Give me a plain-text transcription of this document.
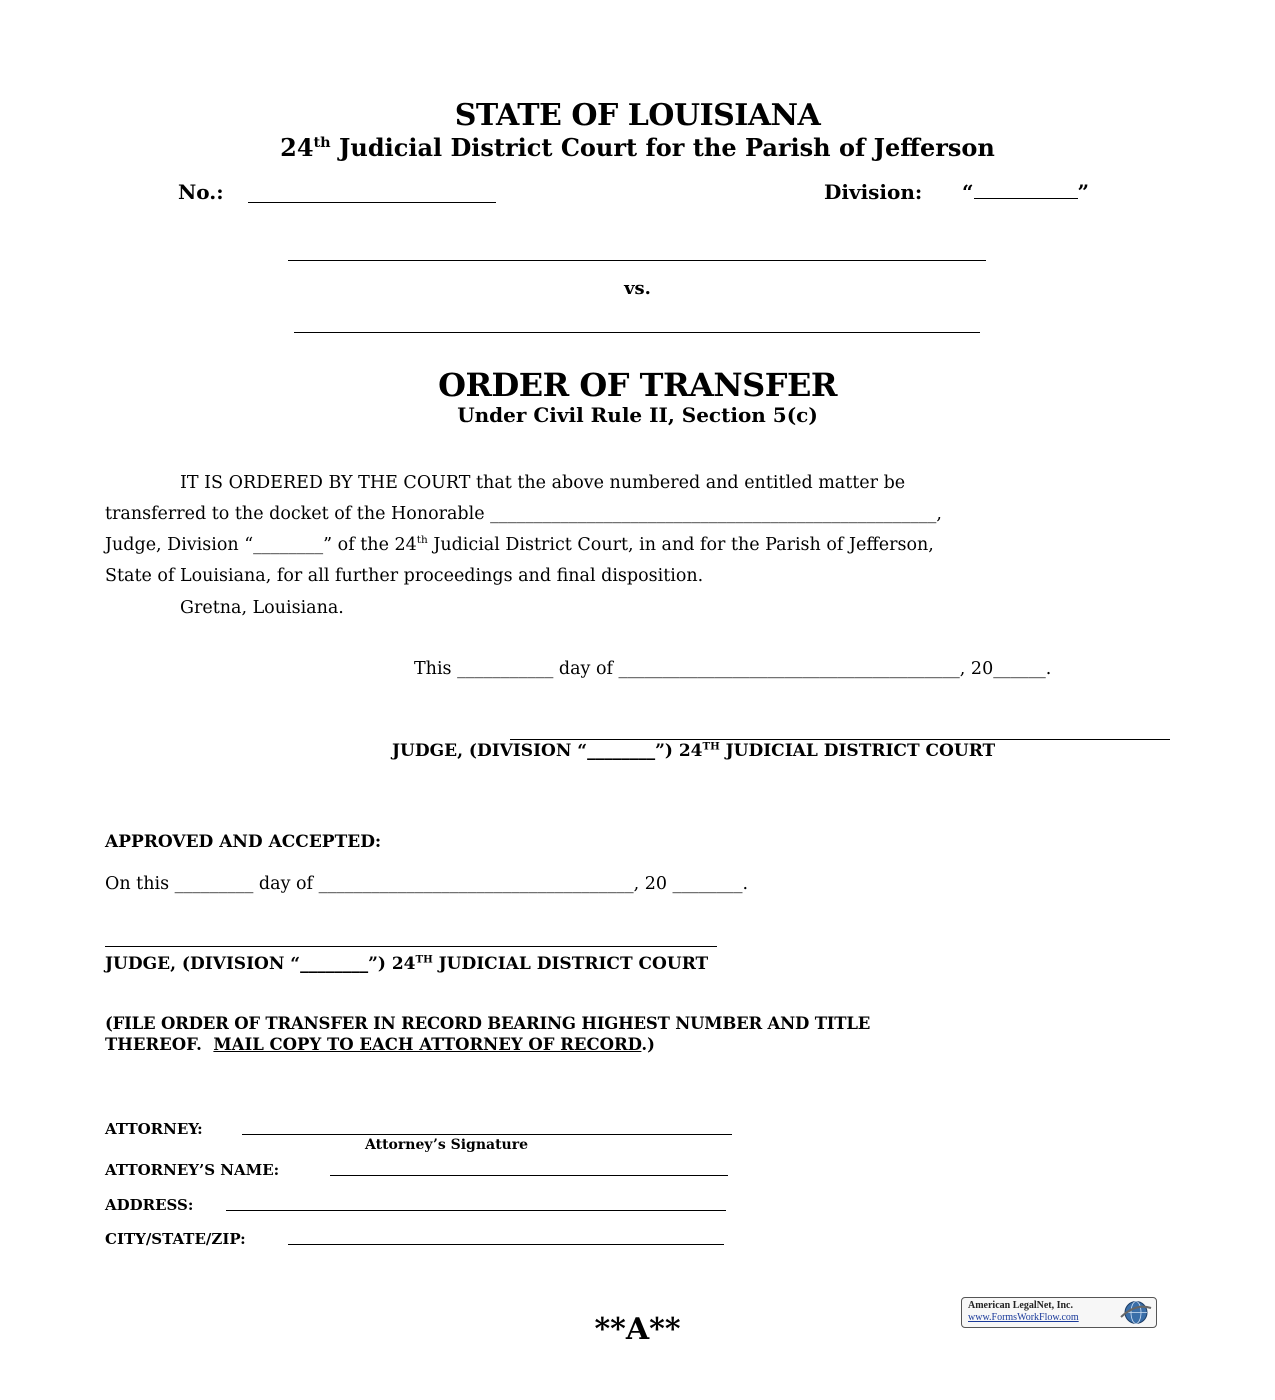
STATE OF LOUISIANA
24th Judicial District Court for the Parish of Jefferson
No.:	Division: “	”
vs.
ORDER OF TRANSFER
Under Civil Rule II, Section 5(c)
IT IS ORDERED BY THE COURT that the above numbered and entitled matter be
transferred to the docket of the Honorable ___________________________________________________,
Judge, Division “________” of the 24th Judicial District Court, in and for the Parish of Jefferson,
State of Louisiana, for all further proceedings and final disposition.
Gretna, Louisiana.
This ___________ day of _______________________________________, 20______.
JUDGE, (DIVISION “________”) 24TH JUDICIAL DISTRICT COURT
APPROVED AND ACCEPTED:
On this _________ day of ____________________________________, 20 ________.
JUDGE, (DIVISION “________”) 24TH JUDICIAL DISTRICT COURT
(FILE ORDER OF TRANSFER IN RECORD BEARING HIGHEST NUMBER AND TITLE
THEREOF.  MAIL COPY TO EACH ATTORNEY OF RECORD.)
ATTORNEY:
Attorney’s Signature
ATTORNEY’S NAME:
ADDRESS:
CITY/STATE/ZIP:
**A**
American LegalNet, Inc.
www.FormsWorkFlow.com
